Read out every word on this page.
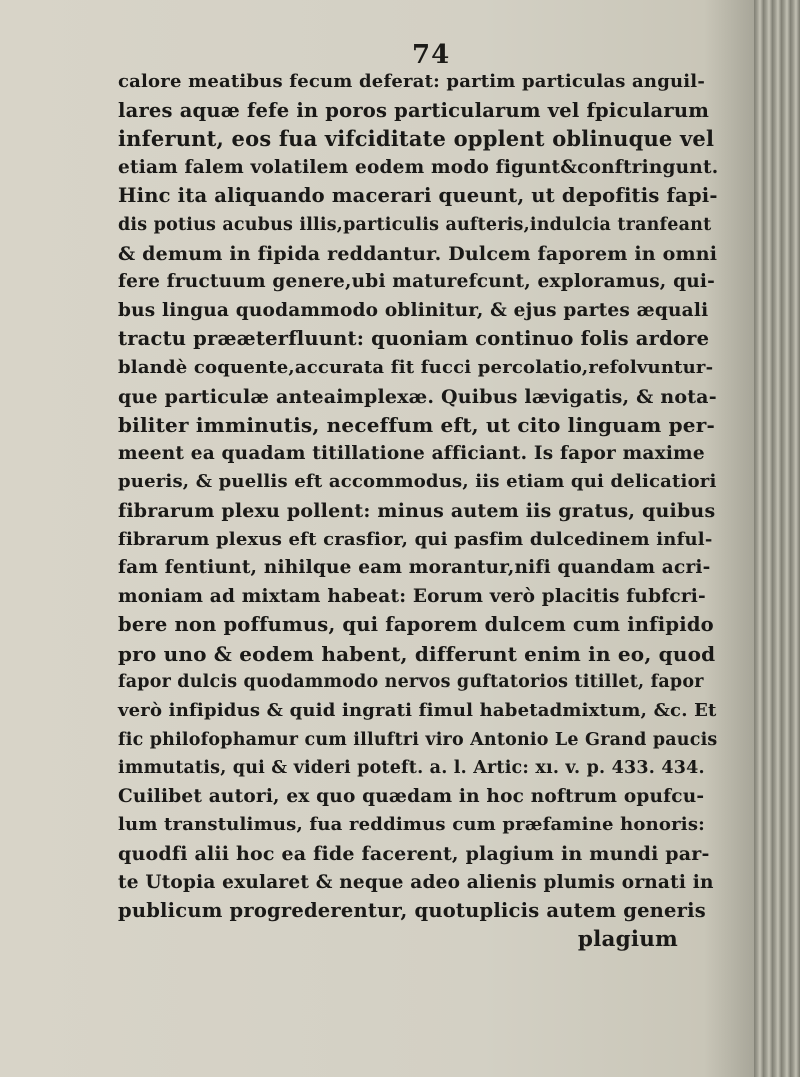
74
calore meatibus fecum deferat: partim particulas anguil-
lares aquæ fefe in poros particularum vel fpicularum
inferunt, eos fua vifciditate opplent oblinuque vel
etiam falem volatilem eodem modo figunt&conftringunt.
Hinc ita aliquando macerari queunt, ut depofitis fapi-
dis potius acubus illis,particulis aufteris,indulcia tranfeant
& demum in fipida reddantur. Dulcem faporem in omni
fere fructuum genere,ubi maturefcunt, exploramus, qui-
bus lingua quodammodo oblinitur, & ejus partes æquali
tractu prææterfluunt: quoniam continuo folis ardore
blandè coquente,accurata fit fucci percolatio,refolvuntur-
que particulæ anteaimplexæ. Quibus lævigatis, & nota-
biliter imminutis, neceffum eft, ut cito linguam per-
meent ea quadam titillatione afficiant. Is fapor maxime
pueris, & puellis eft accommodus, iis etiam qui delicatiori
fibrarum plexu pollent: minus autem iis gratus, quibus
fibrarum plexus eft crasfior, qui pasfim dulcedinem inful-
fam fentiunt, nihilque eam morantur,nifi quandam acri-
moniam ad mixtam habeat: Eorum verò placitis fubfcri-
bere non poffumus, qui faporem dulcem cum infipido
pro uno & eodem habent, differunt enim in eo, quod
fapor dulcis quodammodo nervos guftatorios titillet, fapor
verò infipidus & quid ingrati fimul habetadmixtum, &c. Et
fic philofophamur cum illuftri viro Antonio Le Grand paucis
immutatis, qui & videri poteft. a. l. Artic: xı. v. p. 433. 434.
Cuilibet autori, ex quo quædam in hoc noftrum opufcu-
lum transtulimus, fua reddimus cum præfamine honoris:
quodfi alii hoc ea fide facerent, plagium in mundi par-
te Utopia exularet & neque adeo alienis plumis ornati in
publicum progrederentur, quotuplicis autem generis
plagium
